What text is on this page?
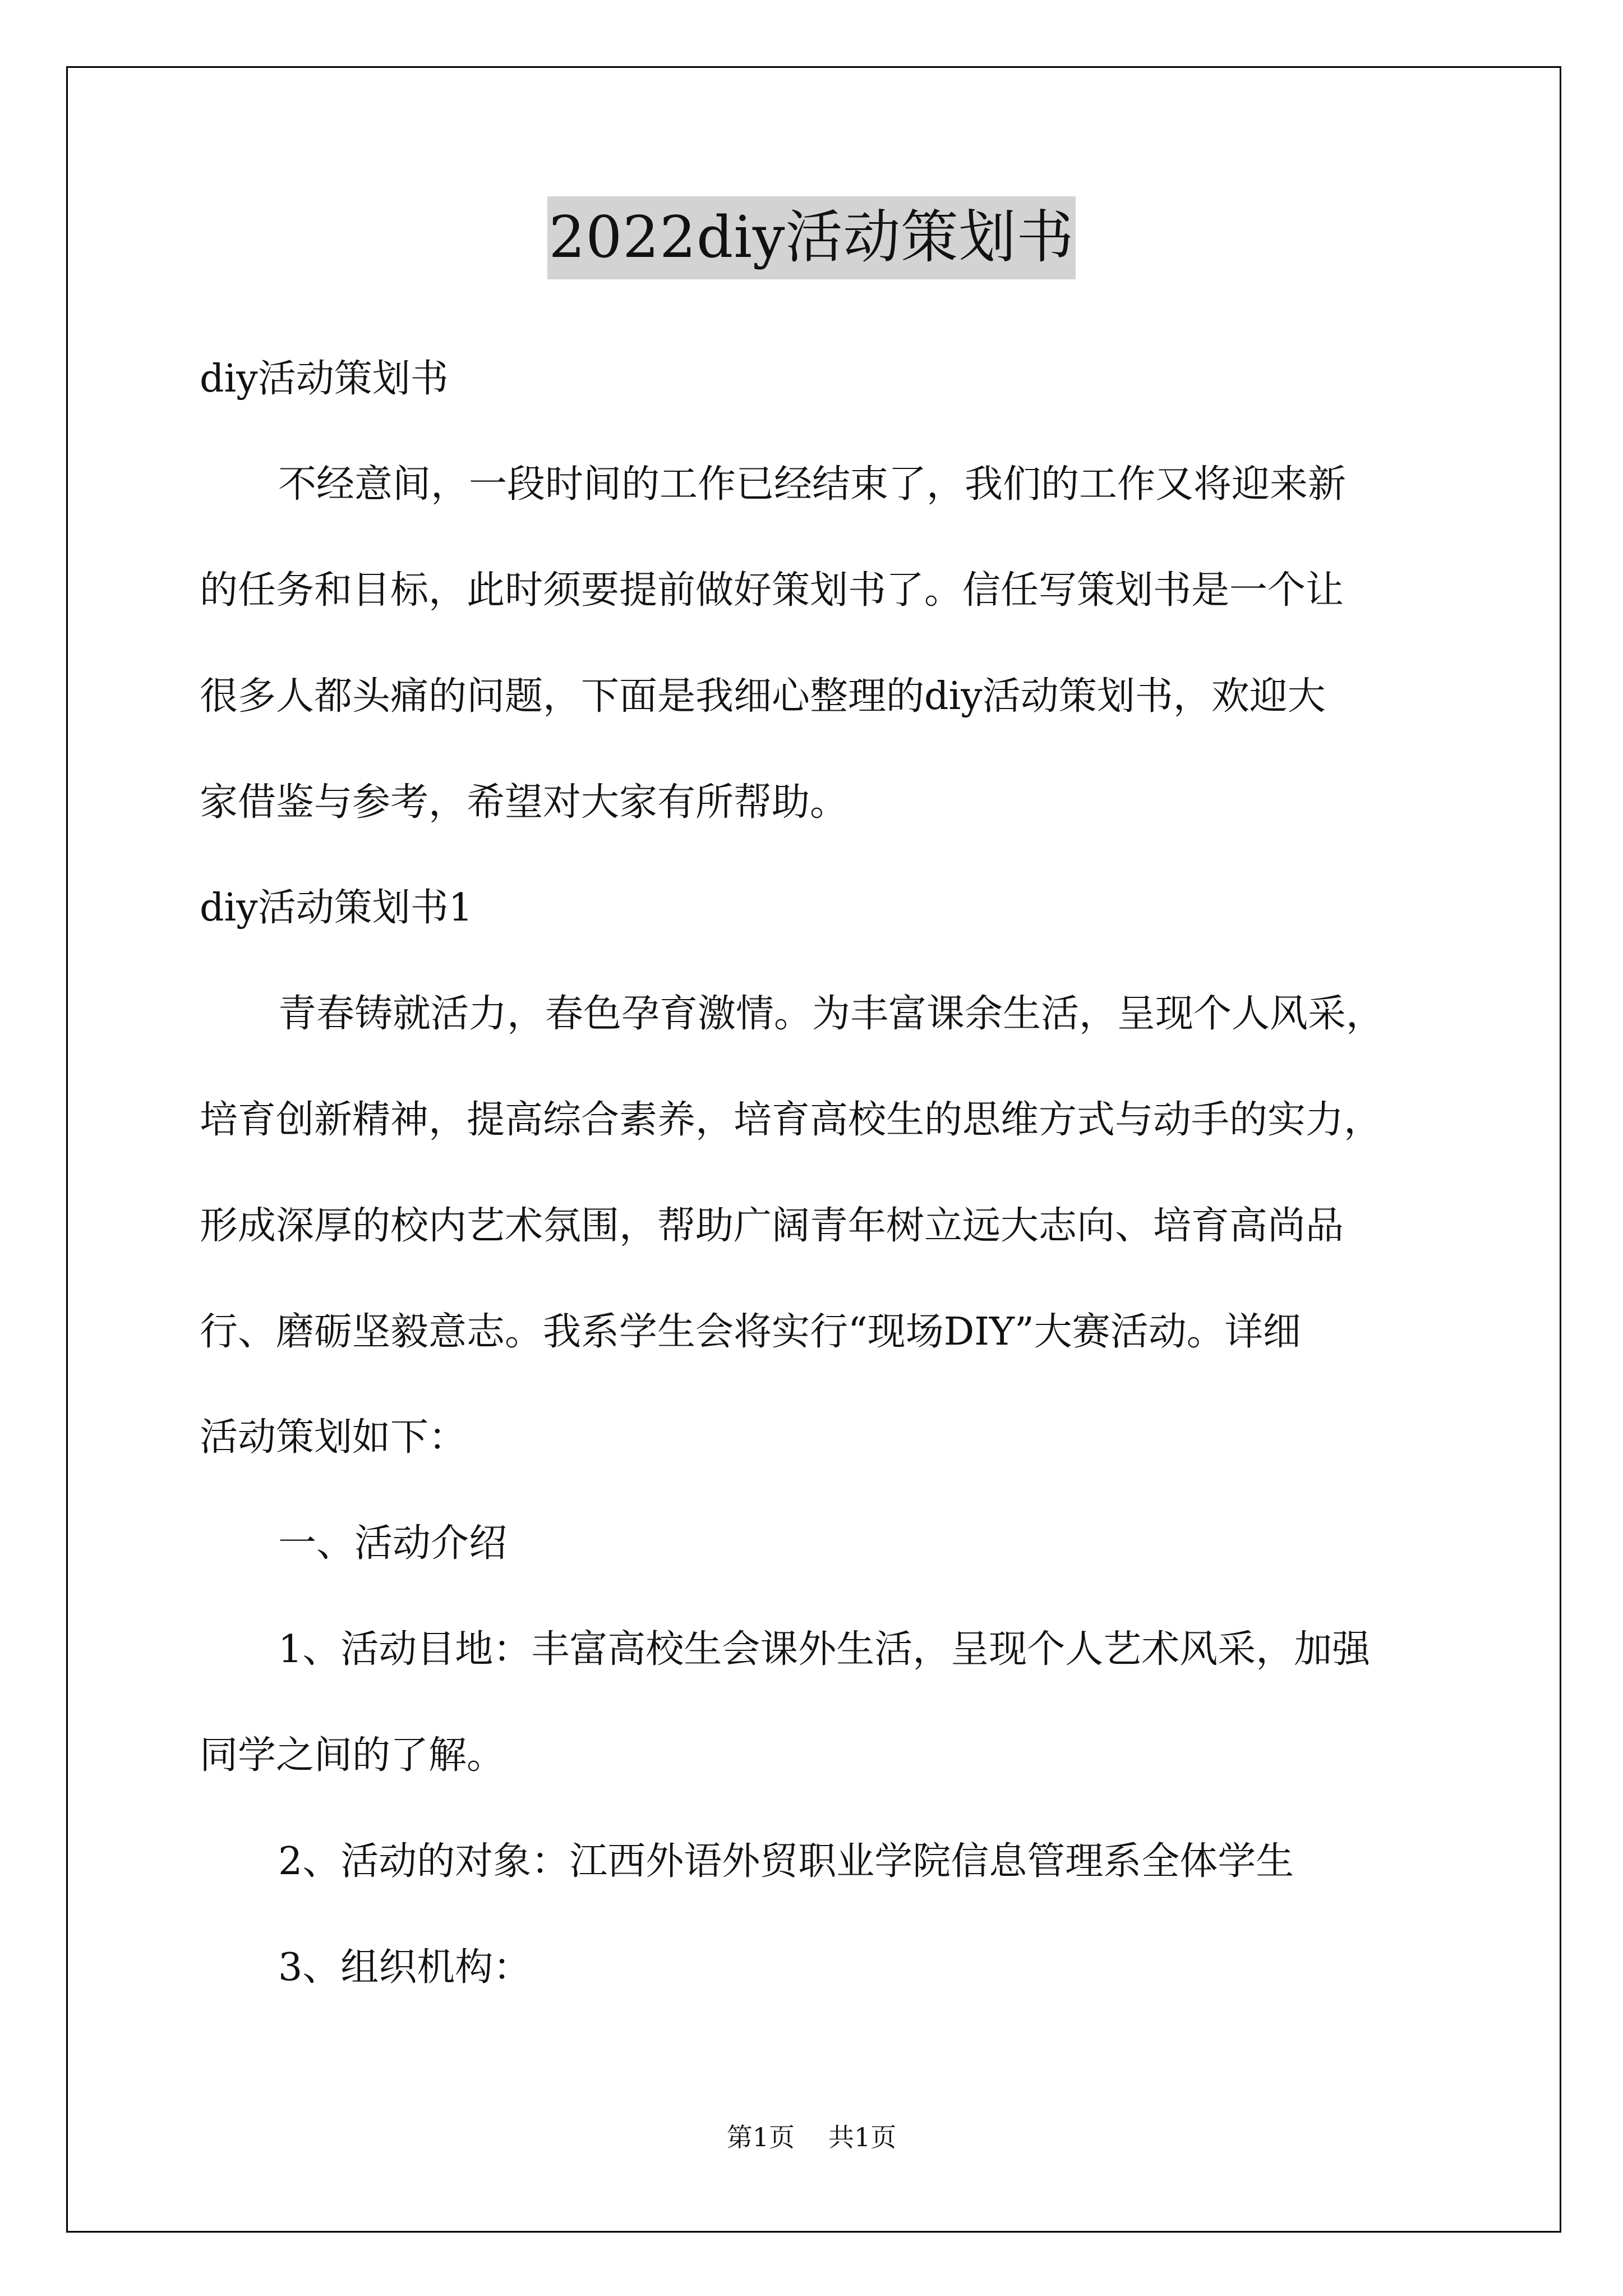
2022diy活动策划书
diy活动策划书
不经意间，一段时间的工作已经结束了，我们的工作又将迎来新
的任务和目标，此时须要提前做好策划书了。信任写策划书是一个让
很多人都头痛的问题，下面是我细心整理的diy活动策划书，欢迎大
家借鉴与参考，希望对大家有所帮助。
diy活动策划书1
青春铸就活力，春色孕育激情。为丰富课余生活，呈现个人风采，
培育创新精神，提高综合素养，培育高校生的思维方式与动手的实力，
形成深厚的校内艺术氛围，帮助广阔青年树立远大志向、培育高尚品
行、磨砺坚毅意志。我系学生会将实行“现场DIY”大赛活动。详细
活动策划如下：
一、活动介绍
1、活动目地：丰富高校生会课外生活，呈现个人艺术风采，加强
同学之间的了解。
2、活动的对象：江西外语外贸职业学院信息管理系全体学生
3、组织机构：
第1页 共1页
